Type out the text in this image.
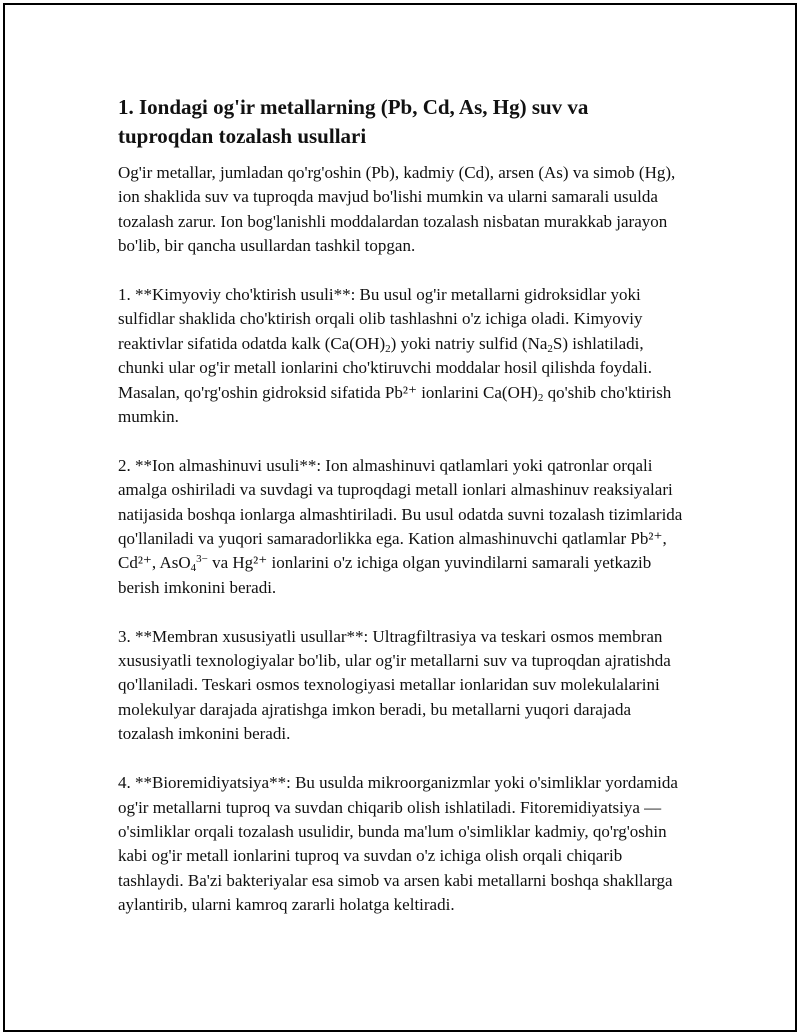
1. Iondagi og'ir metallarning (Pb, Cd, As, Hg) suv va tuproqdan tozalash usullari

Og'ir metallar, jumladan qo'rg'oshin (Pb), kadmiy (Cd), arsen (As) va simob (Hg), ion shaklida suv va tuproqda mavjud bo'lishi mumkin va ularni samarali usulda tozalash zarur. Ion bog'lanishli moddalardan tozalash nisbatan murakkab jarayon bo'lib, bir qancha usullardan tashkil topgan.

1. **Kimyoviy cho'ktirish usuli**: Bu usul og'ir metallarni gidroksidlar yoki sulfidlar shaklida cho'ktirish orqali olib tashlashni o'z ichiga oladi. Kimyoviy reaktivlar sifatida odatda kalk $(Ca(OH)_2)$ yoki natriy sulfid $(Na_2S)$ ishlatiladi, chunki ular og'ir metall ionlarini cho'ktiruvchi moddalar hosil qilishda foydali. Masalan, qo'rg'oshin gidroksid sifatida Pb²⁺ ionlarini $Ca(OH)_2$ qo'shib cho'ktirish mumkin.

2. **Ion almashinuvi usuli**: Ion almashinuvi qatlamlari yoki qatronlar orqali amalga oshiriladi va suvdagi va tuproqdagi metall ionlari almashinuv reaksiyalari natijasida boshqa ionlarga almashtiriladi. Bu usul odatda suvni tozalash tizimlarida qo'llaniladi va yuqori samaradorlikka ega. Kation almashinuvchi qatlamlar Pb²⁺, Cd²⁺, AsO$_4^{3-}$ va Hg²⁺ ionlarini o'z ichiga olgan yuvindilarni samarali yetkazib berish imkonini beradi.

3. **Membran xususiyatli usullar**: Ultragfiltrasiya va teskari osmos membran xususiyatli texnologiyalar bo'lib, ular og'ir metallarni suv va tuproqdan ajratishda qo'llaniladi. Teskari osmos texnologiyasi metallar ionlaridan suv molekulalarini molekulyar darajada ajratishga imkon beradi, bu metallarni yuqori darajada tozalash imkonini beradi.

4. **Bioremidiyatsiya**: Bu usulda mikroorganizmlar yoki o'simliklar yordamida og'ir metallarni tuproq va suvdan chiqarib olish ishlatiladi. Fitoremidiyatsiya — o'simliklar orqali tozalash usulidir, bunda ma'lum o'simliklar kadmiy, qo'rg'oshin kabi og'ir metall ionlarini tuproq va suvdan o'z ichiga olish orqali chiqarib tashlaydi. Ba'zi bakteriyalar esa simob va arsen kabi metallarni boshqa shakllarga aylantirib, ularni kamroq zararli holatga keltiradi.
